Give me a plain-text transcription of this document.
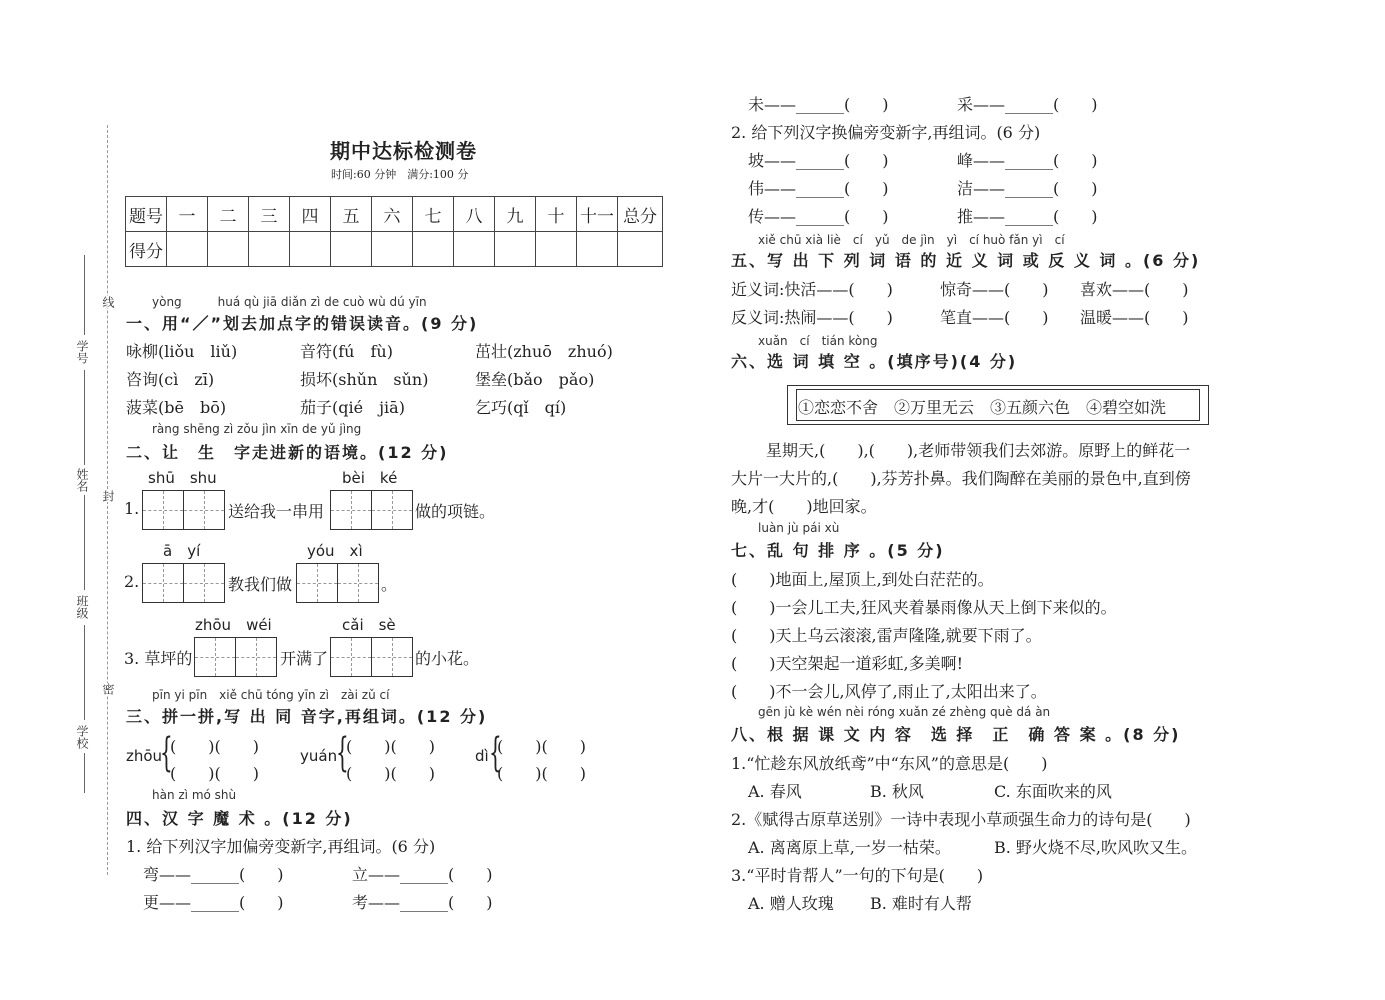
学号
姓名
班级
学校
线
封
密
期中达标检测卷
时间:60 分钟　满分:100 分
题号	一	二	三	四	五	六	七	八	九	十	十一	总分
得分												
yòng　　　huá qù jiā diǎn zì de cuò wù dú yīn
一、用“／”划去加点字的错误读音。(9 分)
咏柳(liǒu　liǔ)	音符(fú　fù)	茁壮(zhuō　zhuó)
咨询(cì　zī)	损坏(shǔn　sǔn)	堡垒(bǎo　pǎo)
菠菜(bē　bō)	茄子(qié　jiā)	乞巧(qǐ　qí)
ràng shēng zì zǒu jìn xīn de yǔ jìng
二、让　生　字走进新的语境。(12 分)
shū　shu
1.	送给我一串用
bèi　ké
做的项链。
ā　yí
2.	教我们做
yóu　xì
。
zhōu　wéi
3. 草坪的	开满了
cǎi　sè
的小花。
pīn yi pīn　xiě chū tóng yīn zì　zài zǔ cí
三、拼一拼,写 出 同 音字,再组词。(12 分)
zhōu
{
(　　)(　　)
(　　)(　　)
yuán
{
(　　)(　　)
(　　)(　　)
dì {
(　　)(　　)
(　　)(　　)
hàn zì mó shù
四、汉 字 魔 术 。(12 分)
1. 给下列汉字加偏旁变新字,再组词。(6 分)
弯——______(　　)	立——______(　　)
更——______(　　)	考——______(　　)
未——______(　　)	采——______(　　)
2. 给下列汉字换偏旁变新字,再组词。(6 分)
坡——______(　　)	峰——______(　　)
伟——______(　　)	洁——______(　　)
传——______(　　)	推——______(　　)
xiě chū xià liè　cí　yǔ　de jìn　yì　cí huò fǎn yì　cí
五、写 出 下 列 词 语 的 近 义 词 或 反 义 词 。(6 分)
近义词:快活——(　　)	惊奇——(　　) 喜欢——(　　)
反义词:热闹——(　　)	笔直——(　　) 温暖——(　　)
xuǎn　cí　tián kòng
六、选 词 填 空 。(填序号)(4 分)
①恋恋不舍　②万里无云　③五颜六色　④碧空如洗
星期天,(　　),(　　),老师带领我们去郊游。原野上的鲜花一
大片一大片的,(　　),芬芳扑鼻。我们陶醉在美丽的景色中,直到傍
晚,才(　　)地回家。
luàn jù pái xù
七、乱 句 排 序 。(5 分)
(　　)地面上,屋顶上,到处白茫茫的。
(　　)一会儿工夫,狂风夹着暴雨像从天上倒下来似的。
(　　)天上乌云滚滚,雷声隆隆,就要下雨了。
(　　)天空架起一道彩虹,多美啊!
(　　)不一会儿,风停了,雨止了,太阳出来了。
gēn jù kè wén nèi róng xuǎn zé zhèng què dá àn
八、根 据 课 文 内 容　选 择　正　确 答 案 。(8 分)
1.“忙趁东风放纸鸢”中“东风”的意思是(　　)
A. 春风	B. 秋风	C. 东面吹来的风
2.《赋得古原草送别》一诗中表现小草顽强生命力的诗句是(　　)
A. 离离原上草,一岁一枯荣。	B. 野火烧不尽,吹风吹又生。
3.“平时肯帮人”一句的下句是(　　)
A. 赠人玫瑰 B. 难时有人帮
